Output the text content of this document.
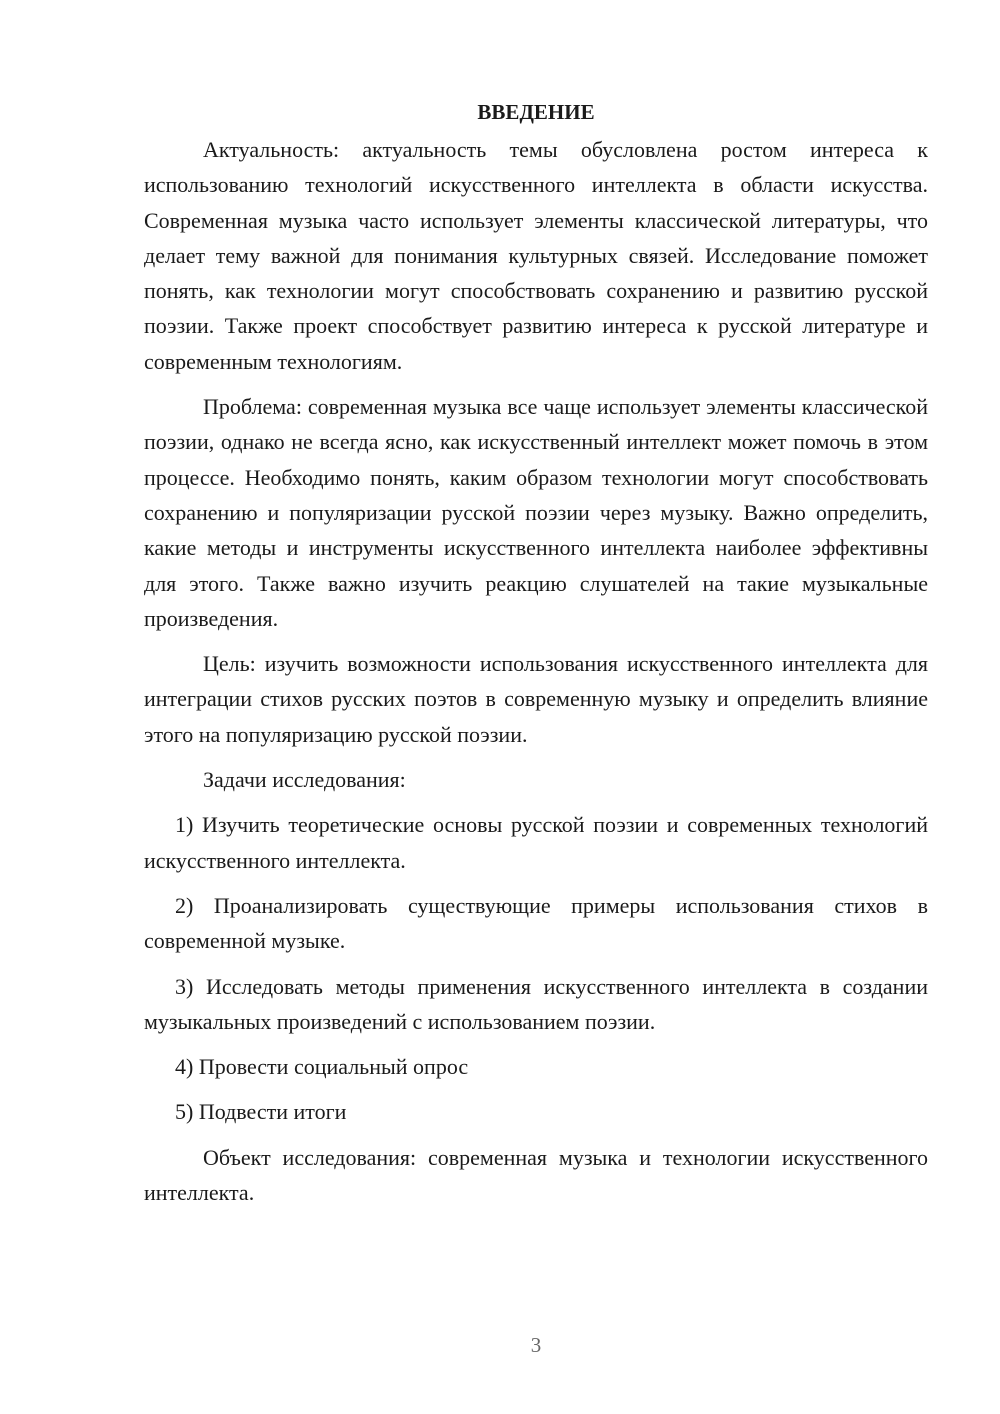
ВВЕДЕНИЕ

Актуальность: актуальность темы обусловлена ростом интереса к использованию технологий искусственного интеллекта в области искусства. Современная музыка часто использует элементы классической литературы, что делает тему важной для понимания культурных связей. Исследование поможет понять, как технологии могут способствовать сохранению и развитию русской поэзии. Также проект способствует развитию интереса к русской литературе и современным технологиям.

Проблема: современная музыка все чаще использует элементы классической поэзии, однако не всегда ясно, как искусственный интеллект может помочь в этом процессе. Необходимо понять, каким образом технологии могут способствовать сохранению и популяризации русской поэзии через музыку. Важно определить, какие методы и инструменты искусственного интеллекта наиболее эффективны для этого. Также важно изучить реакцию слушателей на такие музыкальные произведения.

Цель: изучить возможности использования искусственного интеллекта для интеграции стихов русских поэтов в современную музыку и определить влияние этого на популяризацию русской поэзии.

Задачи исследования:

1) Изучить теоретические основы русской поэзии и современных технологий искусственного интеллекта.

2) Проанализировать существующие примеры использования стихов в современной музыке.

3) Исследовать методы применения искусственного интеллекта в создании музыкальных произведений с использованием поэзии.

4) Провести социальный опрос

5) Подвести итоги

Объект исследования: современная музыка и технологии искусственного интеллекта.

3
